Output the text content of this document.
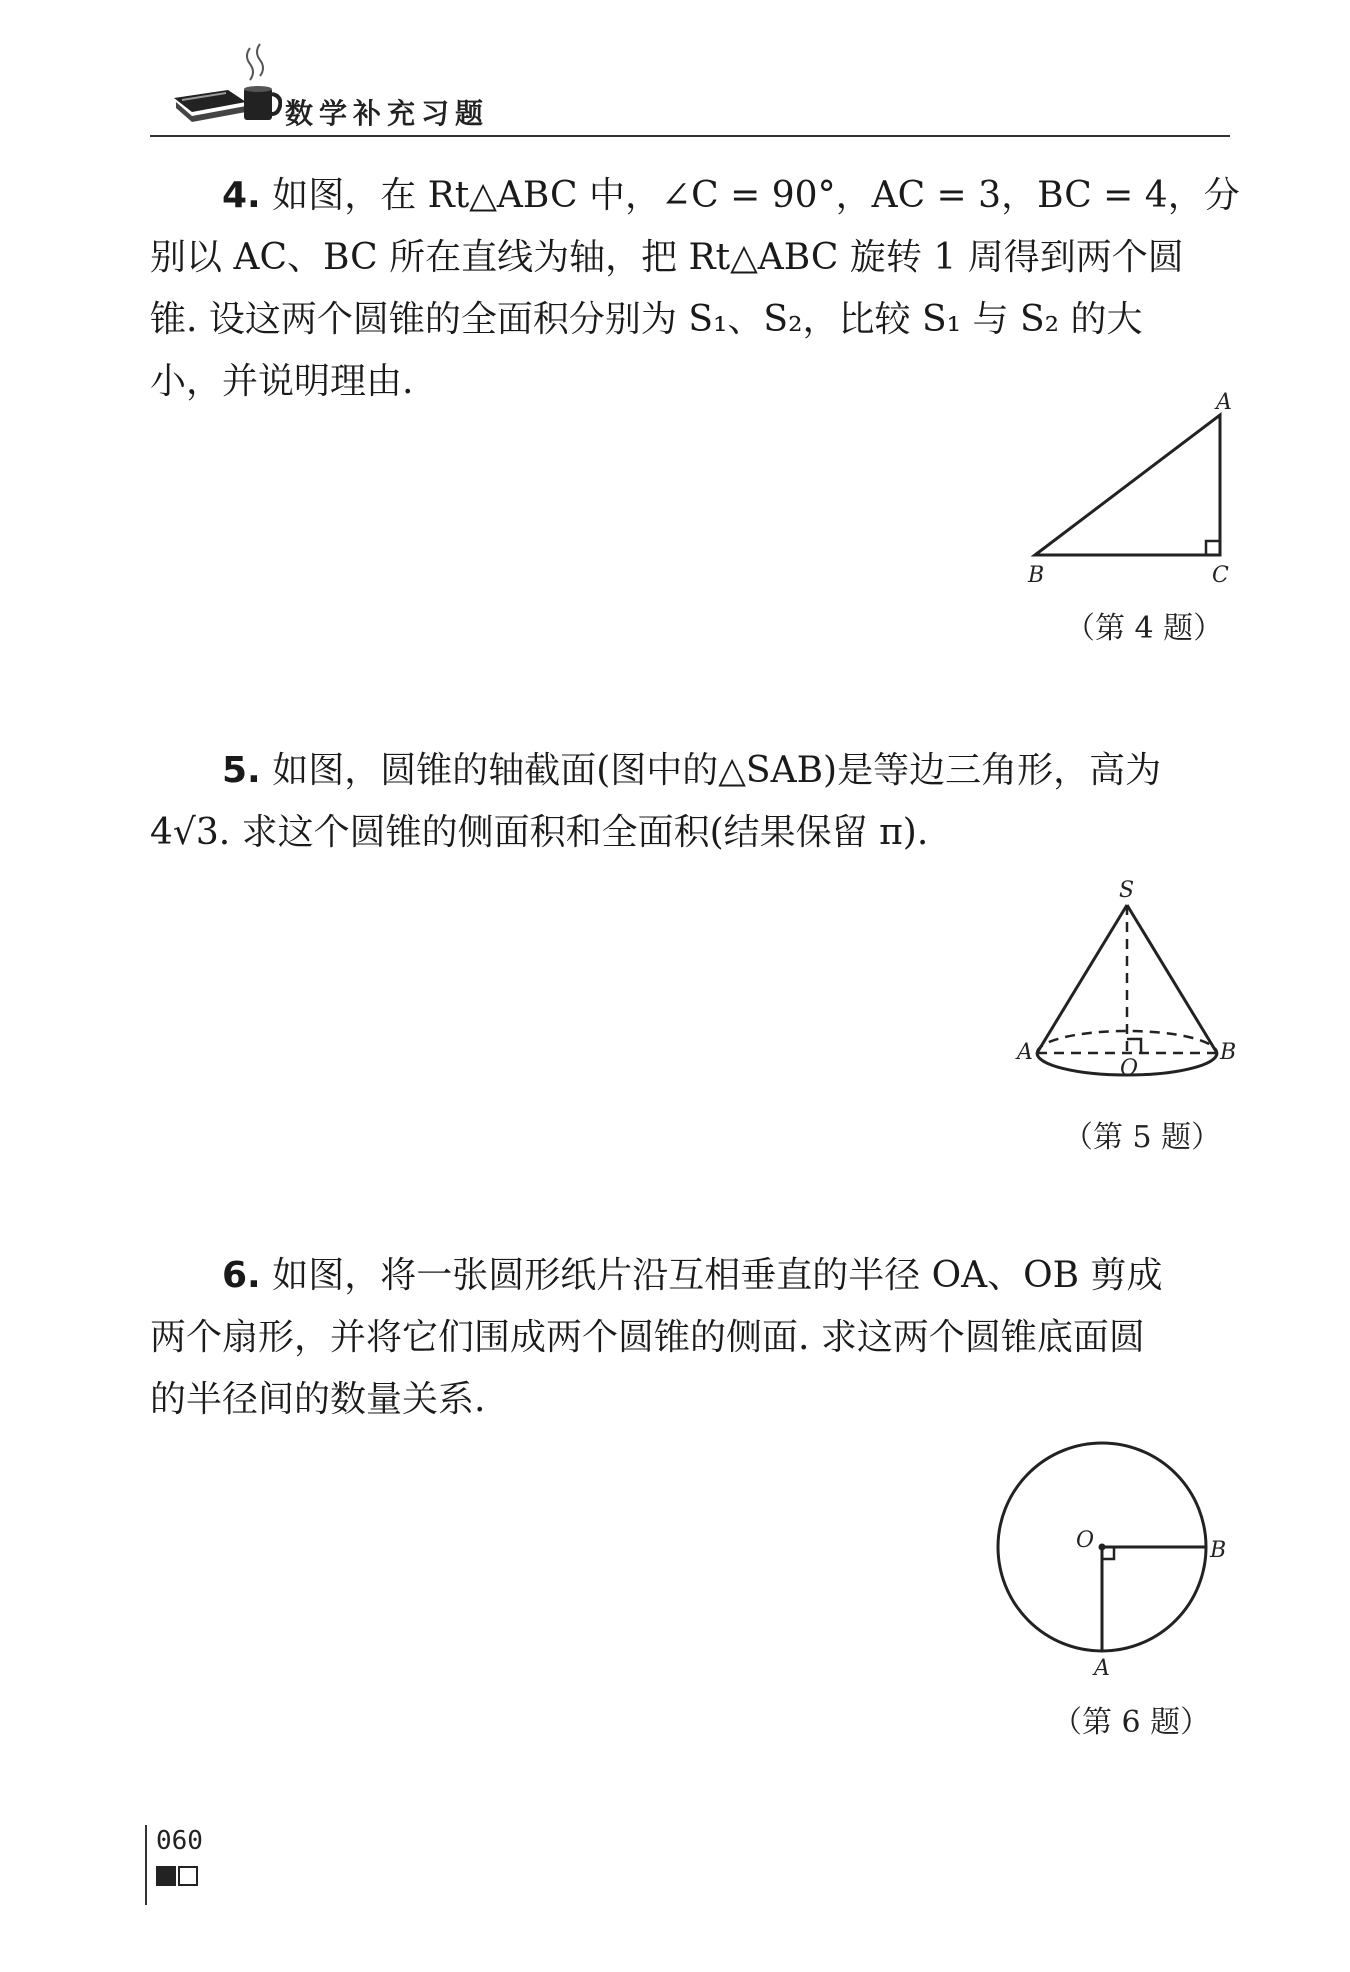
数学补充习题
4. 如图，在 Rt△ABC 中，∠C = 90°，AC = 3，BC = 4，分
别以 AC、BC 所在直线为轴，把 Rt△ABC 旋转 1 周得到两个圆
锥. 设这两个圆锥的全面积分别为 S₁、S₂，比较 S₁ 与 S₂ 的大
小，并说明理由.
A
B	C
（第 4 题）
5. 如图，圆锥的轴截面(图中的△SAB)是等边三角形，高为
4√3. 求这个圆锥的侧面积和全面积(结果保留 π).
S
A	B
O
（第 5 题）
6. 如图，将一张圆形纸片沿互相垂直的半径 OA、OB 剪成
两个扇形，并将它们围成两个圆锥的侧面. 求这两个圆锥底面圆
的半径间的数量关系.
O	B
A
（第 6 题）
060
